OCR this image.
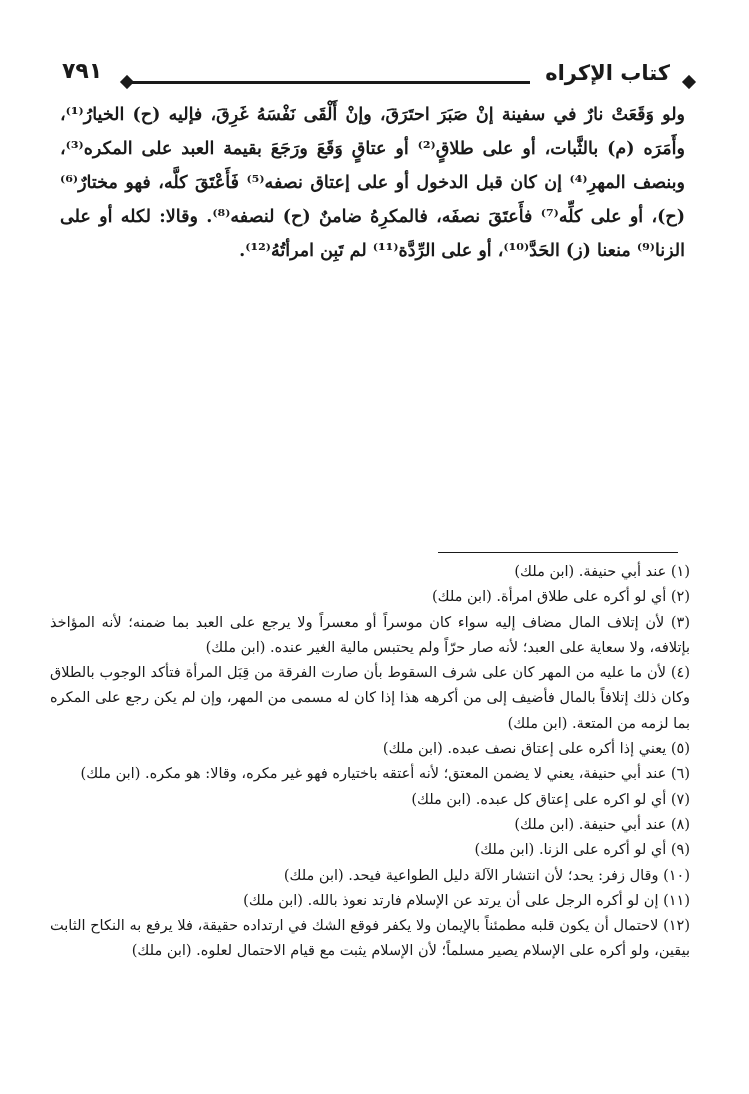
كتاب الإكراه
٧٩١

ولو وَقَعَتْ نارٌ في سفينة إنْ صَبَرَ احتَرَقَ، وإنْ أَلْقَى نَفْسَهُ غَرِقَ، فإليه (ح) الخيارُ⁽¹⁾، وأَمَرَه (م) بالثَّبات، أو على طلاقٍ⁽²⁾ أو عتاقٍ وَقَعَ ورَجَعَ بقيمة العبد على المكره⁽³⁾، وبنصف المهرِ⁽⁴⁾ إن كان قبل الدخول أو على إعتاق نصفه⁽⁵⁾ فَأَعْتَقَ كلَّه، فهو مختارٌ⁽⁶⁾ (ح)، أو على كلِّه⁽⁷⁾ فأَعتَقَ نصفَه، فالمكرِهُ ضامنٌ (ح) لنصفه⁽⁸⁾. وقالا: لكله أو على الزنا⁽⁹⁾ منعنا (ز) الحَدَّ⁽¹⁰⁾، أو على الرِّدَّة⁽¹¹⁾ لم تَبِن امرأتُهُ⁽¹²⁾.

(١) عند أبي حنيفة. (ابن ملك)

(٢) أي لو أكره على طلاق امرأة. (ابن ملك)

(٣) لأن إتلاف المال مضاف إليه سواء كان موسراً أو معسراً ولا يرجع على العبد بما ضمنه؛ لأنه المؤاخذ بإتلافه، ولا سعاية على العبد؛ لأنه صار حرّاً ولم يحتبس مالية الغير عنده. (ابن ملك)

(٤) لأن ما عليه من المهر كان على شرف السقوط بأن صارت الفرقة من قِبَل المرأة فتأكد الوجوب بالطلاق وكان ذلك إتلافاً بالمال فأضيف إلى من أكرهه هذا إذا كان له مسمى من المهر، وإن لم يكن رجع على المكره بما لزمه من المتعة. (ابن ملك)

(٥) يعني إذا أكره على إعتاق نصف عبده. (ابن ملك)

(٦) عند أبي حنيفة، يعني لا يضمن المعتق؛ لأنه أعتقه باختياره فهو غير مكره، وقالا: هو مكره. (ابن ملك)

(٧) أي لو اكره على إعتاق كل عبده. (ابن ملك)

(٨) عند أبي حنيفة. (ابن ملك)

(٩) أي لو أكره على الزنا. (ابن ملك)

(١٠) وقال زفر: يحد؛ لأن انتشار الآلة دليل الطواعية فيحد. (ابن ملك)

(١١) إن لو أكره الرجل على أن يرتد عن الإسلام فارتد نعوذ بالله. (ابن ملك)

(١٢) لاحتمال أن يكون قلبه مطمئناً بالإيمان ولا يكفر فوقع الشك في ارتداده حقيقة، فلا يرفع به النكاح الثابت بيقين، ولو أكره على الإسلام يصير مسلماً؛ لأن الإسلام يثبت مع قيام الاحتمال لعلوه. (ابن ملك)
